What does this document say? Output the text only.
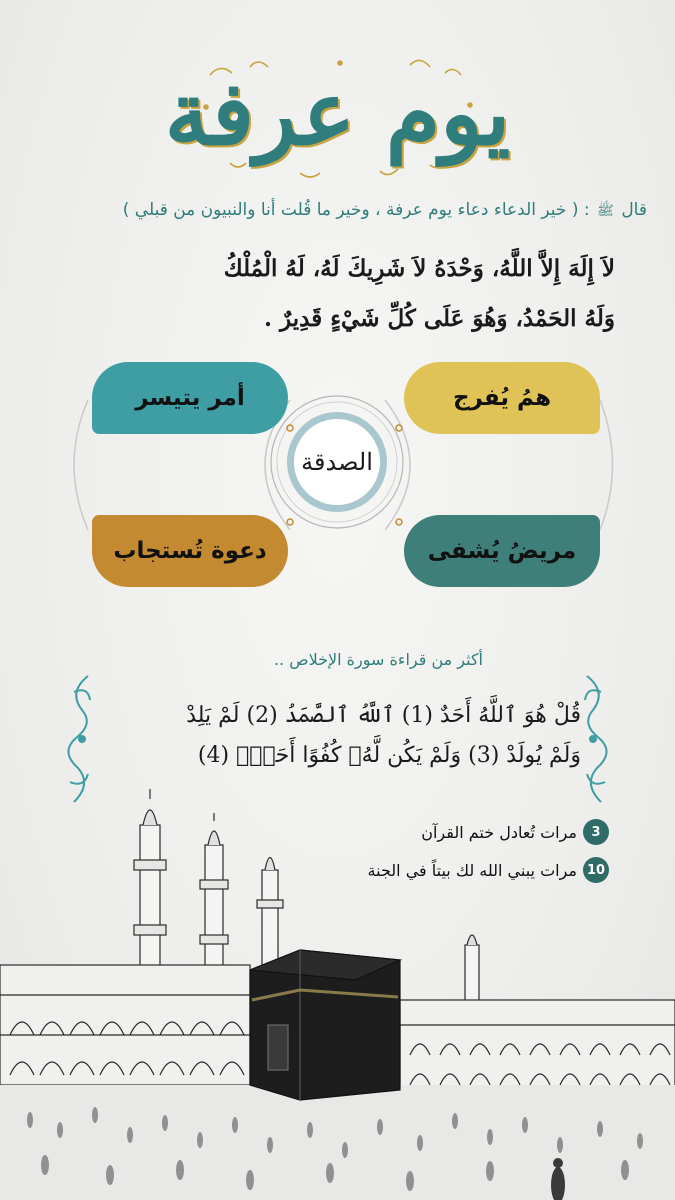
يوم عرفة
قال ﷺ : ( خير الدعاء دعاء يوم عرفة ، وخير ما قُلت أنا والنبيون من قبلي )
لاَ إِلَهَ إِلاَّ اللَّهُ، وَحْدَهُ لاَ شَرِيكَ لَهُ، لَهُ الْمُلْكُ
وَلَهُ الحَمْدُ، وَهُوَ عَلَى كُلِّ شَيْءٍ قَدِيرٌ .
أمر يتيسر	همُ يُفرج
دعوة تُستجاب	مريضُ يُشفى
الصدقة
أكثر من قراءة سورة الإخلاص ..
قُلْ هُوَ ٱللَّهُ أَحَدٌ (1) ٱللَّهُ ٱلصَّمَدُ (2) لَمْ يَلِدْ
وَلَمْ يُولَدْ (3) وَلَمْ يَكُن لَّهُۥ كُفُوًا أَحَدٌۢ (4)
3
مرات تُعادل ختم القرآن
10
مرات يبني الله لك بيتاً في الجنة
